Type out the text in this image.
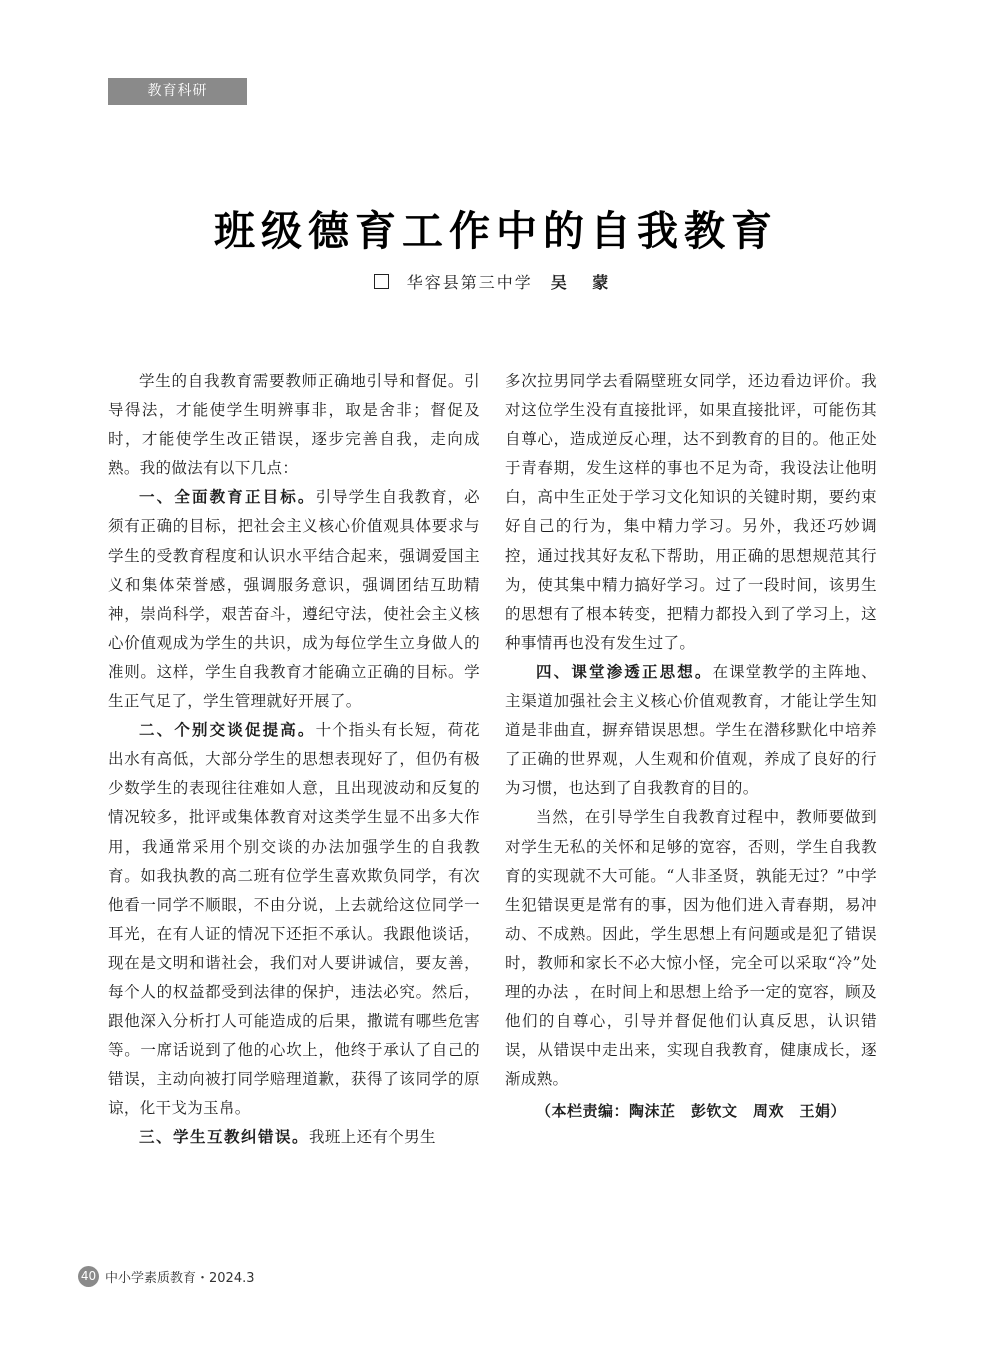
教育科研
班级德育工作中的自我教育
华容县第三中学 吴 蒙

学生的自我教育需要教师正确地引导和督促。引导得法，才能使学生明辨事非，取是舍非；督促及时，才能使学生改正错误，逐步完善自我，走向成熟。我的做法有以下几点：

一、全面教育正目标。引导学生自我教育，必须有正确的目标，把社会主义核心价值观具体要求与学生的受教育程度和认识水平结合起来，强调爱国主义和集体荣誉感，强调服务意识，强调团结互助精神，崇尚科学，艰苦奋斗，遵纪守法，使社会主义核心价值观成为学生的共识，成为每位学生立身做人的准则。这样，学生自我教育才能确立正确的目标。学生正气足了，学生管理就好开展了。

二、个别交谈促提高。十个指头有长短，荷花出水有高低，大部分学生的思想表现好了，但仍有极少数学生的表现往往难如人意，且出现波动和反复的情况较多，批评或集体教育对这类学生显不出多大作用，我通常采用个别交谈的办法加强学生的自我教育。如我执教的高二班有位学生喜欢欺负同学，有次他看一同学不顺眼，不由分说，上去就给这位同学一耳光，在有人证的情况下还拒不承认。我跟他谈话，现在是文明和谐社会，我们对人要讲诚信，要友善，每个人的权益都受到法律的保护，违法必究。然后，跟他深入分析打人可能造成的后果，撒谎有哪些危害等。一席话说到了他的心坎上，他终于承认了自己的错误，主动向被打同学赔理道歉，获得了该同学的原谅，化干戈为玉帛。

三、学生互教纠错误。我班上还有个男生

多次拉男同学去看隔壁班女同学，还边看边评价。我对这位学生没有直接批评，如果直接批评，可能伤其自尊心，造成逆反心理，达不到教育的目的。他正处于青春期，发生这样的事也不足为奇，我设法让他明白，高中生正处于学习文化知识的关键时期，要约束好自己的行为，集中精力学习。另外，我还巧妙调控，通过找其好友私下帮助，用正确的思想规范其行为，使其集中精力搞好学习。过了一段时间，该男生的思想有了根本转变，把精力都投入到了学习上，这种事情再也没有发生过了。

四、课堂渗透正思想。在课堂教学的主阵地、主渠道加强社会主义核心价值观教育，才能让学生知道是非曲直，摒弃错误思想。学生在潜移默化中培养了正确的世界观，人生观和价值观，养成了良好的行为习惯，也达到了自我教育的目的。

当然，在引导学生自我教育过程中，教师要做到对学生无私的关怀和足够的宽容，否则，学生自我教育的实现就不大可能。“人非圣贤，孰能无过？”中学生犯错误更是常有的事，因为他们进入青春期，易冲动、不成熟。因此，学生思想上有问题或是犯了错误时，教师和家长不必大惊小怪，完全可以采取“冷”处理的办法 ，在时间上和思想上给予一定的宽容，顾及他们的自尊心，引导并督促他们认真反思，认识错误，从错误中走出来，实现自我教育，健康成长，逐渐成熟。

（本栏责编：陶沫芷　彭钦文　周欢　王娟）

40 中小学素质教育・2024.3
